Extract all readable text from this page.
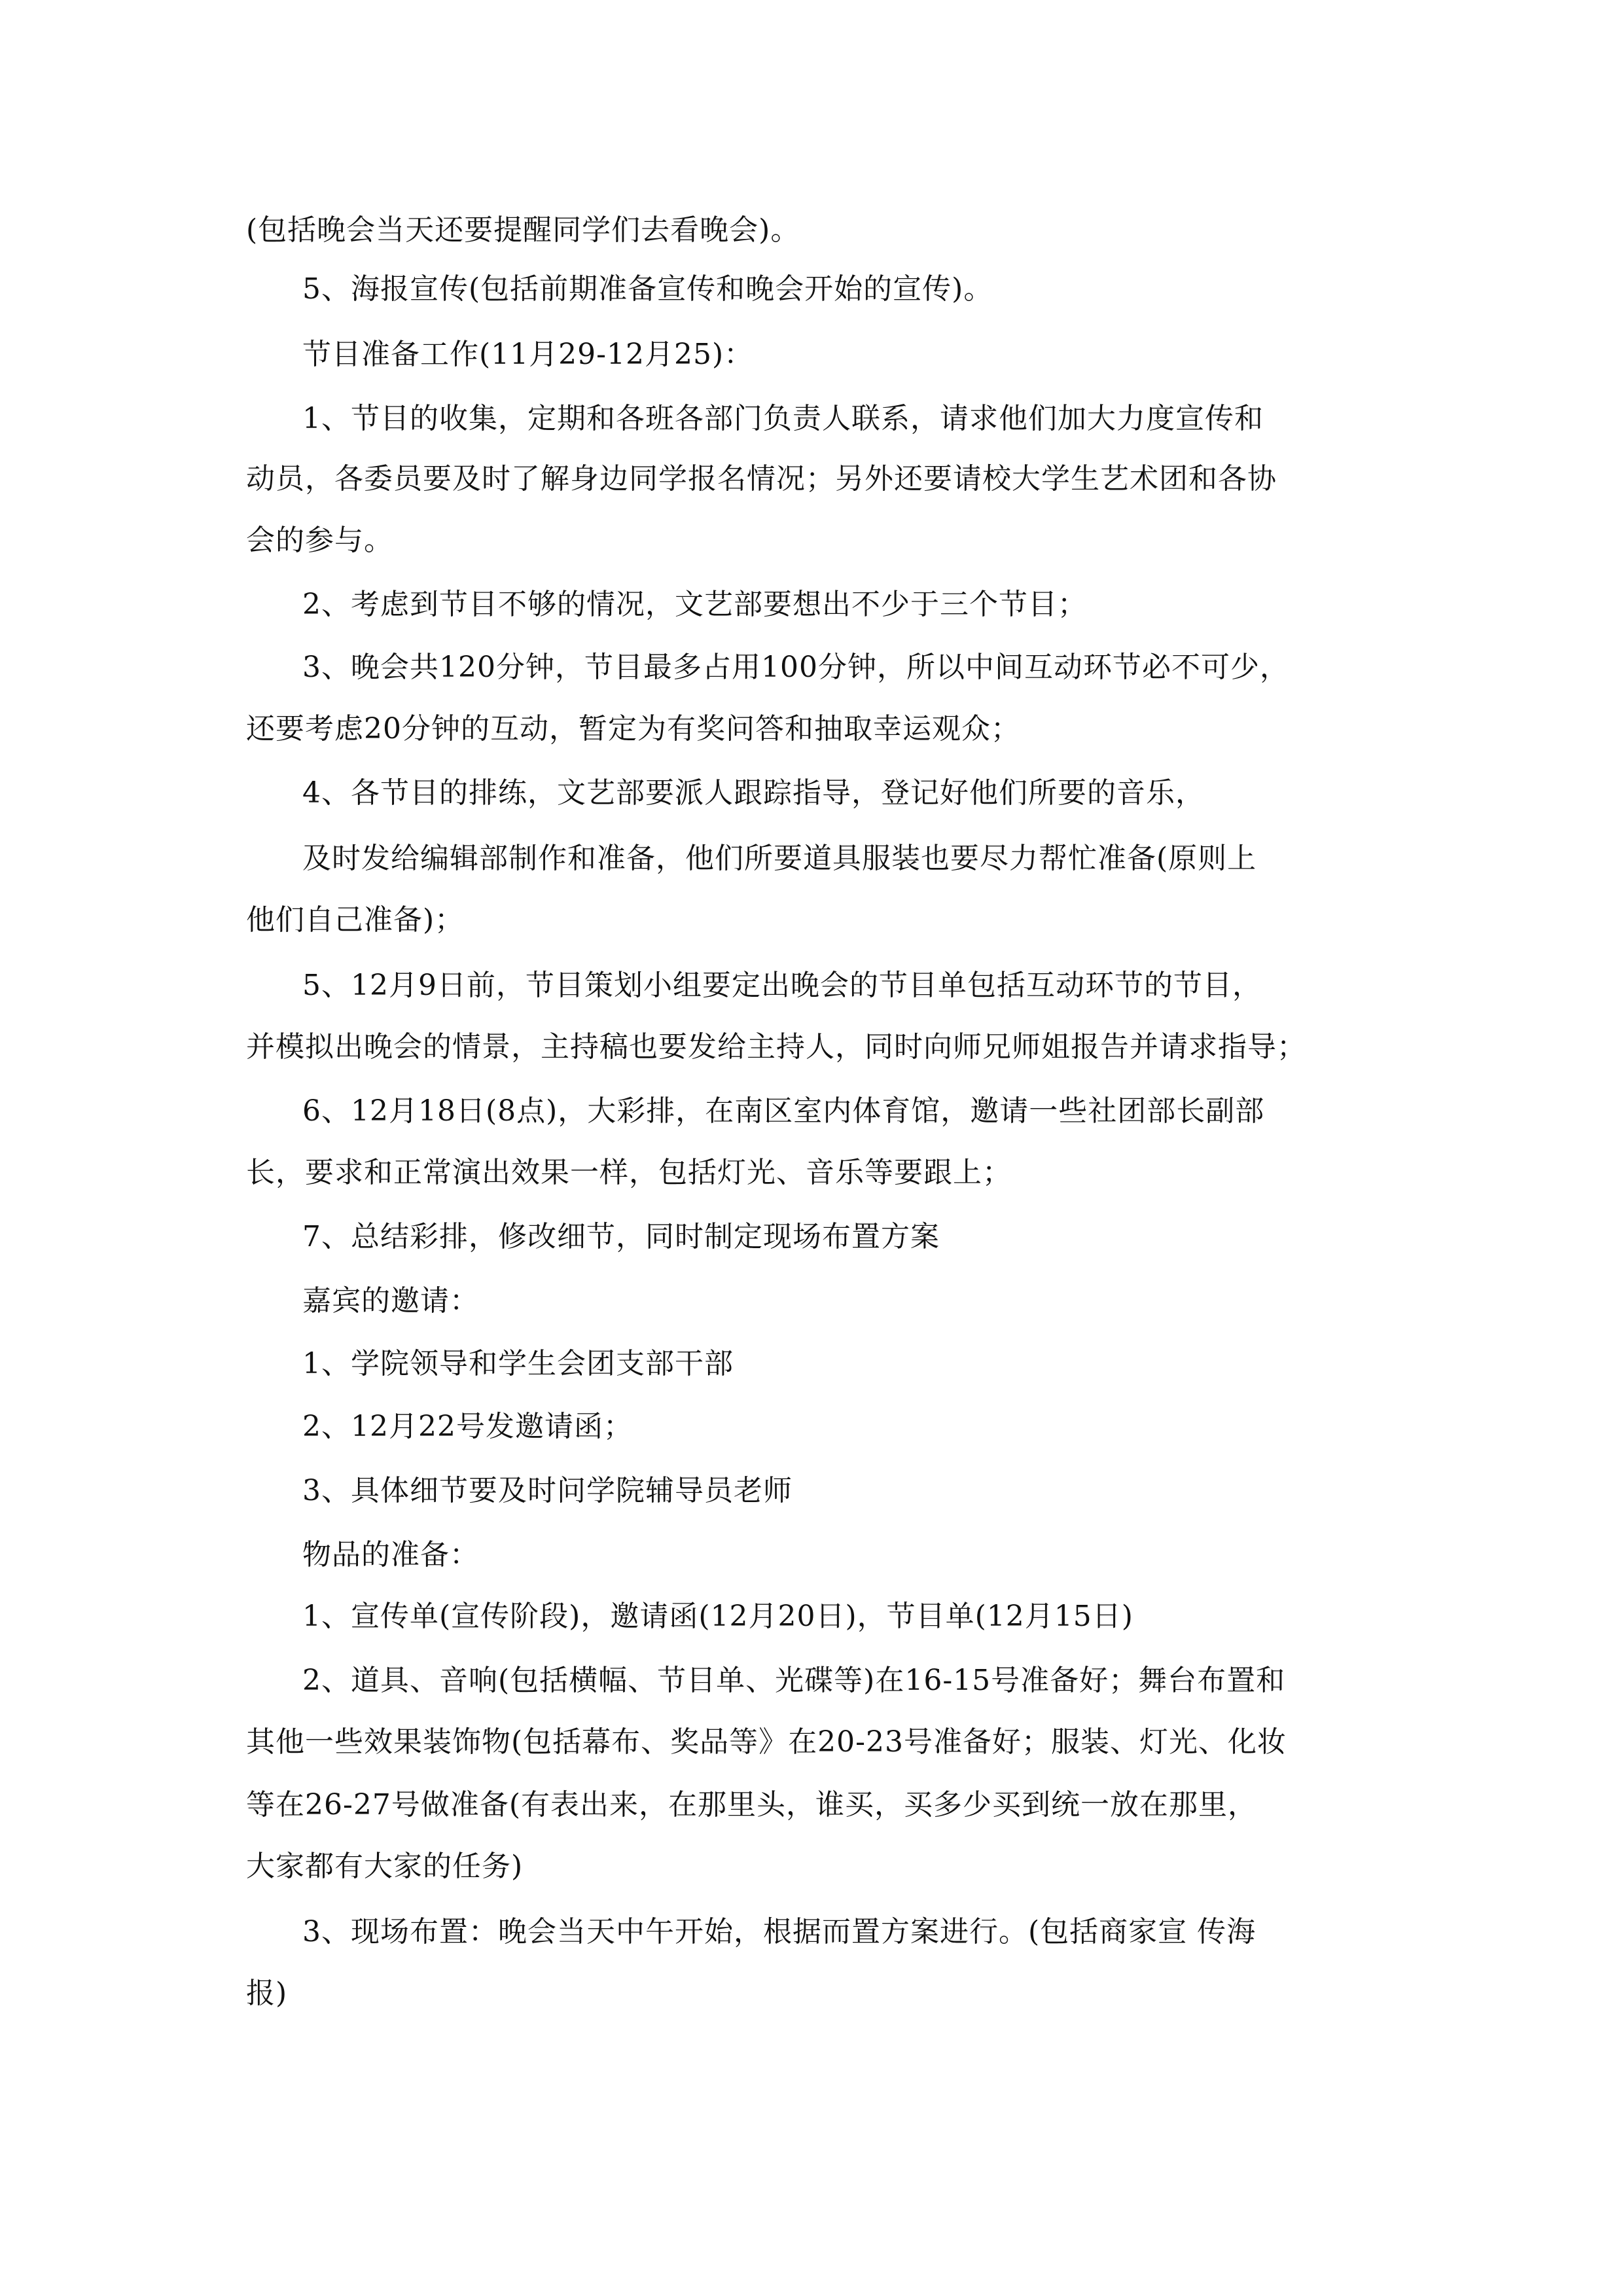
(包括晚会当天还要提醒同学们去看晚会)。
5、海报宣传(包括前期准备宣传和晚会开始的宣传)。
节目准备工作(11月29-12月25)：
1、节目的收集，定期和各班各部门负责人联系，请求他们加大力度宣传和
动员，各委员要及时了解身边同学报名情况；另外还要请校大学生艺术团和各协
会的参与。
2、考虑到节目不够的情况，文艺部要想出不少于三个节目；
3、晚会共120分钟，节目最多占用100分钟，所以中间互动环节必不可少，
还要考虑20分钟的互动，暂定为有奖问答和抽取幸运观众；
4、各节目的排练，文艺部要派人跟踪指导，登记好他们所要的音乐，
及时发给编辑部制作和准备，他们所要道具服装也要尽力帮忙准备(原则上
他们自己准备)；
5、12月9日前，节目策划小组要定出晚会的节目单包括互动环节的节目，
并模拟出晚会的情景，主持稿也要发给主持人，同时向师兄师姐报告并请求指导；
6、12月18日(8点)，大彩排，在南区室内体育馆，邀请一些社团部长副部
长，要求和正常演出效果一样，包括灯光、音乐等要跟上；
7、总结彩排，修改细节，同时制定现场布置方案
嘉宾的邀请：
1、学院领导和学生会团支部干部
2、12月22号发邀请函；
3、具体细节要及时问学院辅导员老师
物品的准备：
1、宣传单(宣传阶段)，邀请函(12月20日)，节目单(12月15日)
2、道具、音响(包括横幅、节目单、光碟等)在16-15号准备好；舞台布置和
其他一些效果装饰物(包括幕布、奖品等》在20-23号准备好；服装、灯光、化妆
等在26-27号做准备(有表出来，在那里头，谁买，买多少买到统一放在那里，
大家都有大家的任务)
3、现场布置：晚会当天中午开始，根据而置方案进行。(包括商家宣 传海
报)
